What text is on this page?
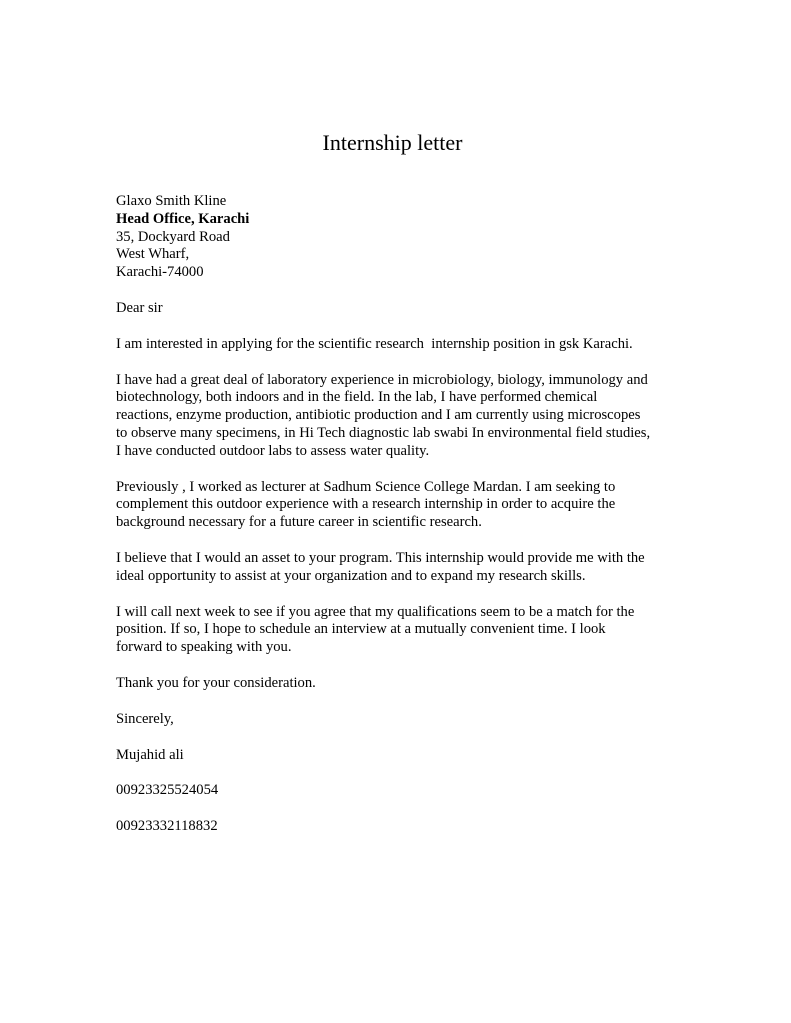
Internship letter

Glaxo Smith Kline

Head Office, Karachi

35, Dockyard Road

West Wharf,

Karachi-74000

Dear sir

I am interested in applying for the scientific research  internship position in gsk Karachi.

I have had a great deal of laboratory experience in microbiology, biology, immunology and

biotechnology, both indoors and in the field. In the lab, I have performed chemical

reactions, enzyme production, antibiotic production and I am currently using microscopes

to observe many specimens, in Hi Tech diagnostic lab swabi In environmental field studies,

I have conducted outdoor labs to assess water quality.

Previously , I worked as lecturer at Sadhum Science College Mardan. I am seeking to

complement this outdoor experience with a research internship in order to acquire the

background necessary for a future career in scientific research.

I believe that I would an asset to your program. This internship would provide me with the

ideal opportunity to assist at your organization and to expand my research skills.

I will call next week to see if you agree that my qualifications seem to be a match for the

position. If so, I hope to schedule an interview at a mutually convenient time. I look

forward to speaking with you.

Thank you for your consideration.

Sincerely,

Mujahid ali

00923325524054

00923332118832
